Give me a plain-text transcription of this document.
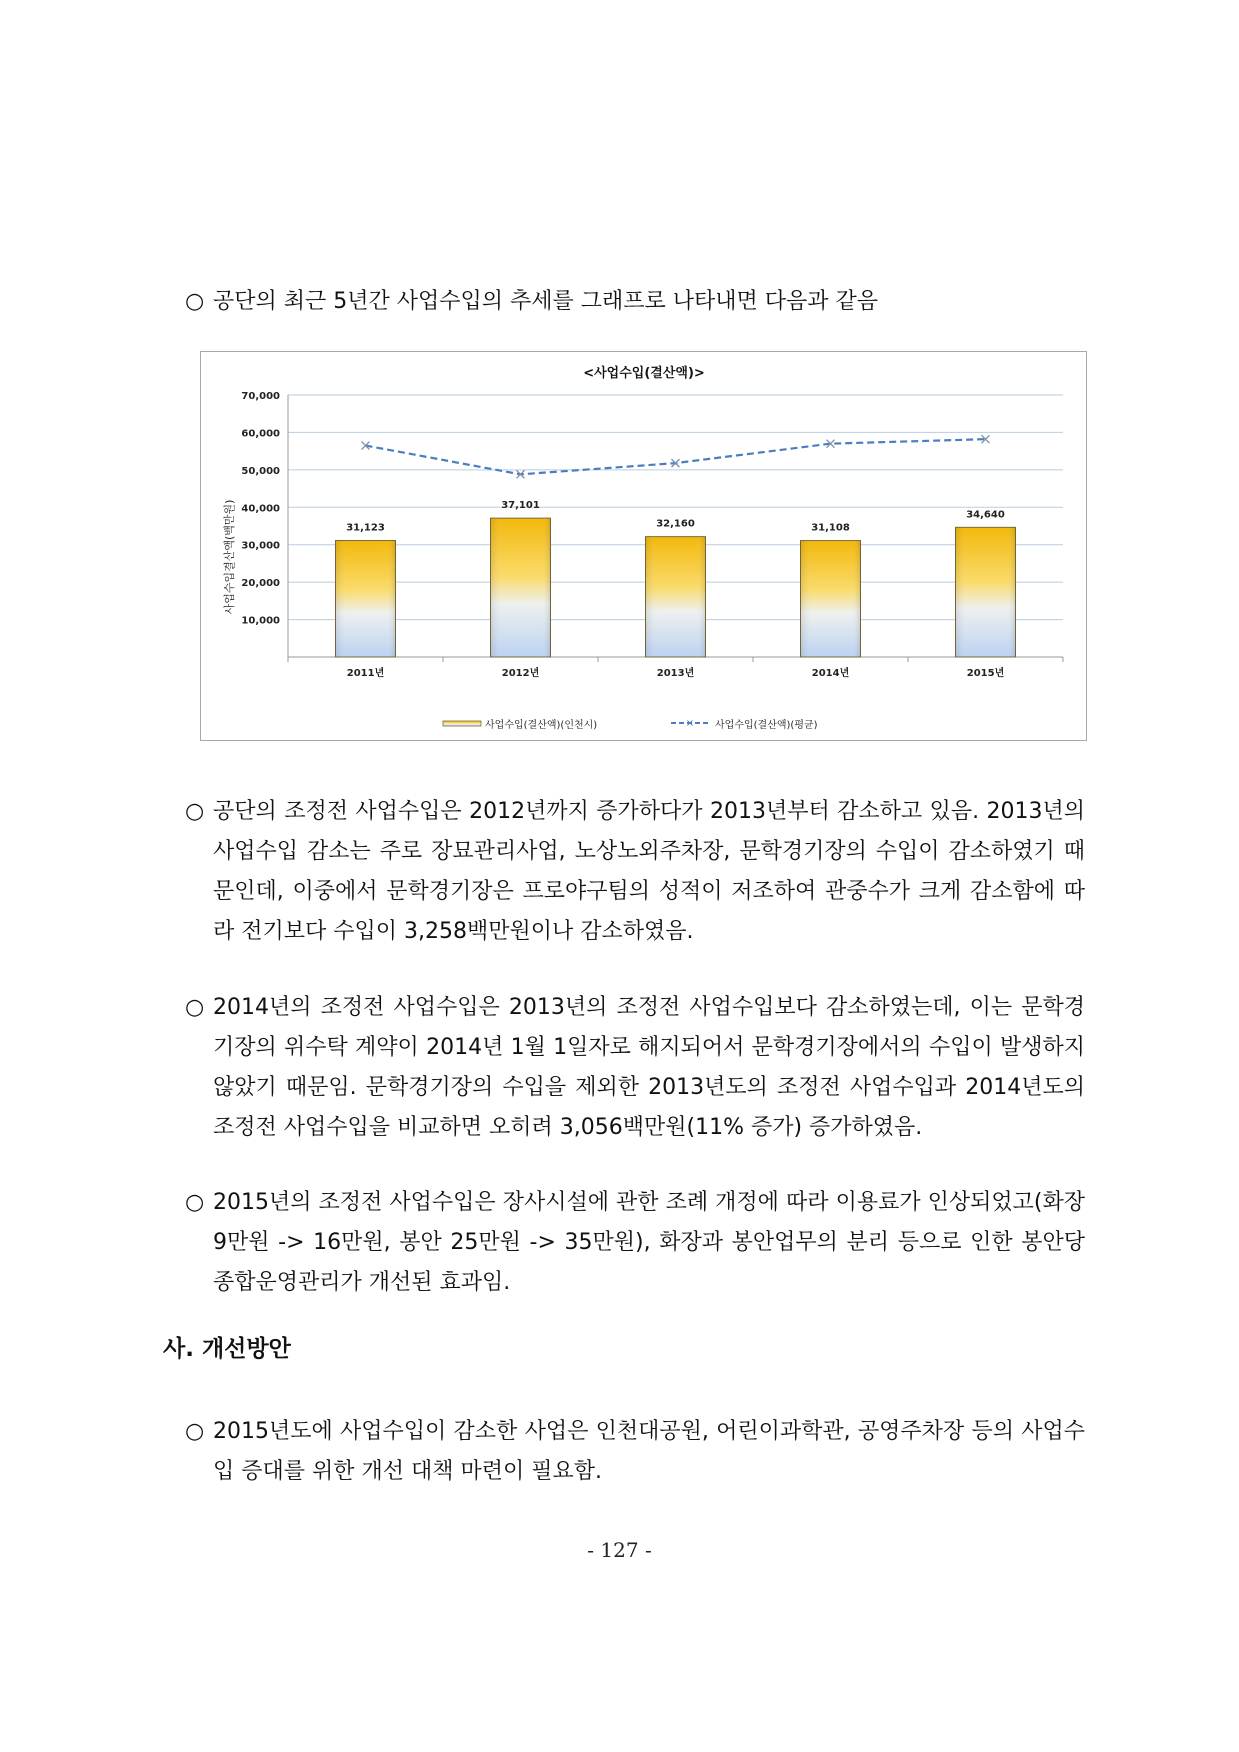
○ 공단의 최근 5년간 사업수입의 추세를 그래프로 나타내면 다음과 같음

<사업수입(결산액)>
사업수입결산액(백만원)
10,000
20,000
30,000
40,000
50,000
60,000
70,000
31,123
2011년
37,101
2012년
32,160
2013년
31,108
2014년
34,640
2015년
사업수입(결산액)(인천시)	× 사업수입(결산액)(평균)

○ 공단의 조정전 사업수입은 2012년까지 증가하다가 2013년부터 감소하고 있음. 2013년의 사업수입 감소는 주로 장묘관리사업, 노상노외주차장, 문학경기장의 수입이 감소하였기 때문인데, 이중에서 문학경기장은 프로야구팀의 성적이 저조하여 관중수가 크게 감소함에 따라 전기보다 수입이 3,258백만원이나 감소하였음.

○ 2014년의 조정전 사업수입은 2013년의 조정전 사업수입보다 감소하였는데, 이는 문학경기장의 위수탁 계약이 2014년 1월 1일자로 해지되어서 문학경기장에서의 수입이 발생하지 않았기 때문임. 문학경기장의 수입을 제외한 2013년도의 조정전 사업수입과 2014년도의 조정전 사업수입을 비교하면 오히려 3,056백만원(11% 증가) 증가하였음.

○ 2015년의 조정전 사업수입은 장사시설에 관한 조례 개정에 따라 이용료가 인상되었고(화장 9만원 -> 16만원, 봉안 25만원 -> 35만원), 화장과 봉안업무의 분리 등으로 인한 봉안당 종합운영관리가 개선된 효과임.

사. 개선방안

○ 2015년도에 사업수입이 감소한 사업은 인천대공원, 어린이과학관, 공영주차장 등의 사업수입 증대를 위한 개선 대책 마련이 필요함.

- 127 -
